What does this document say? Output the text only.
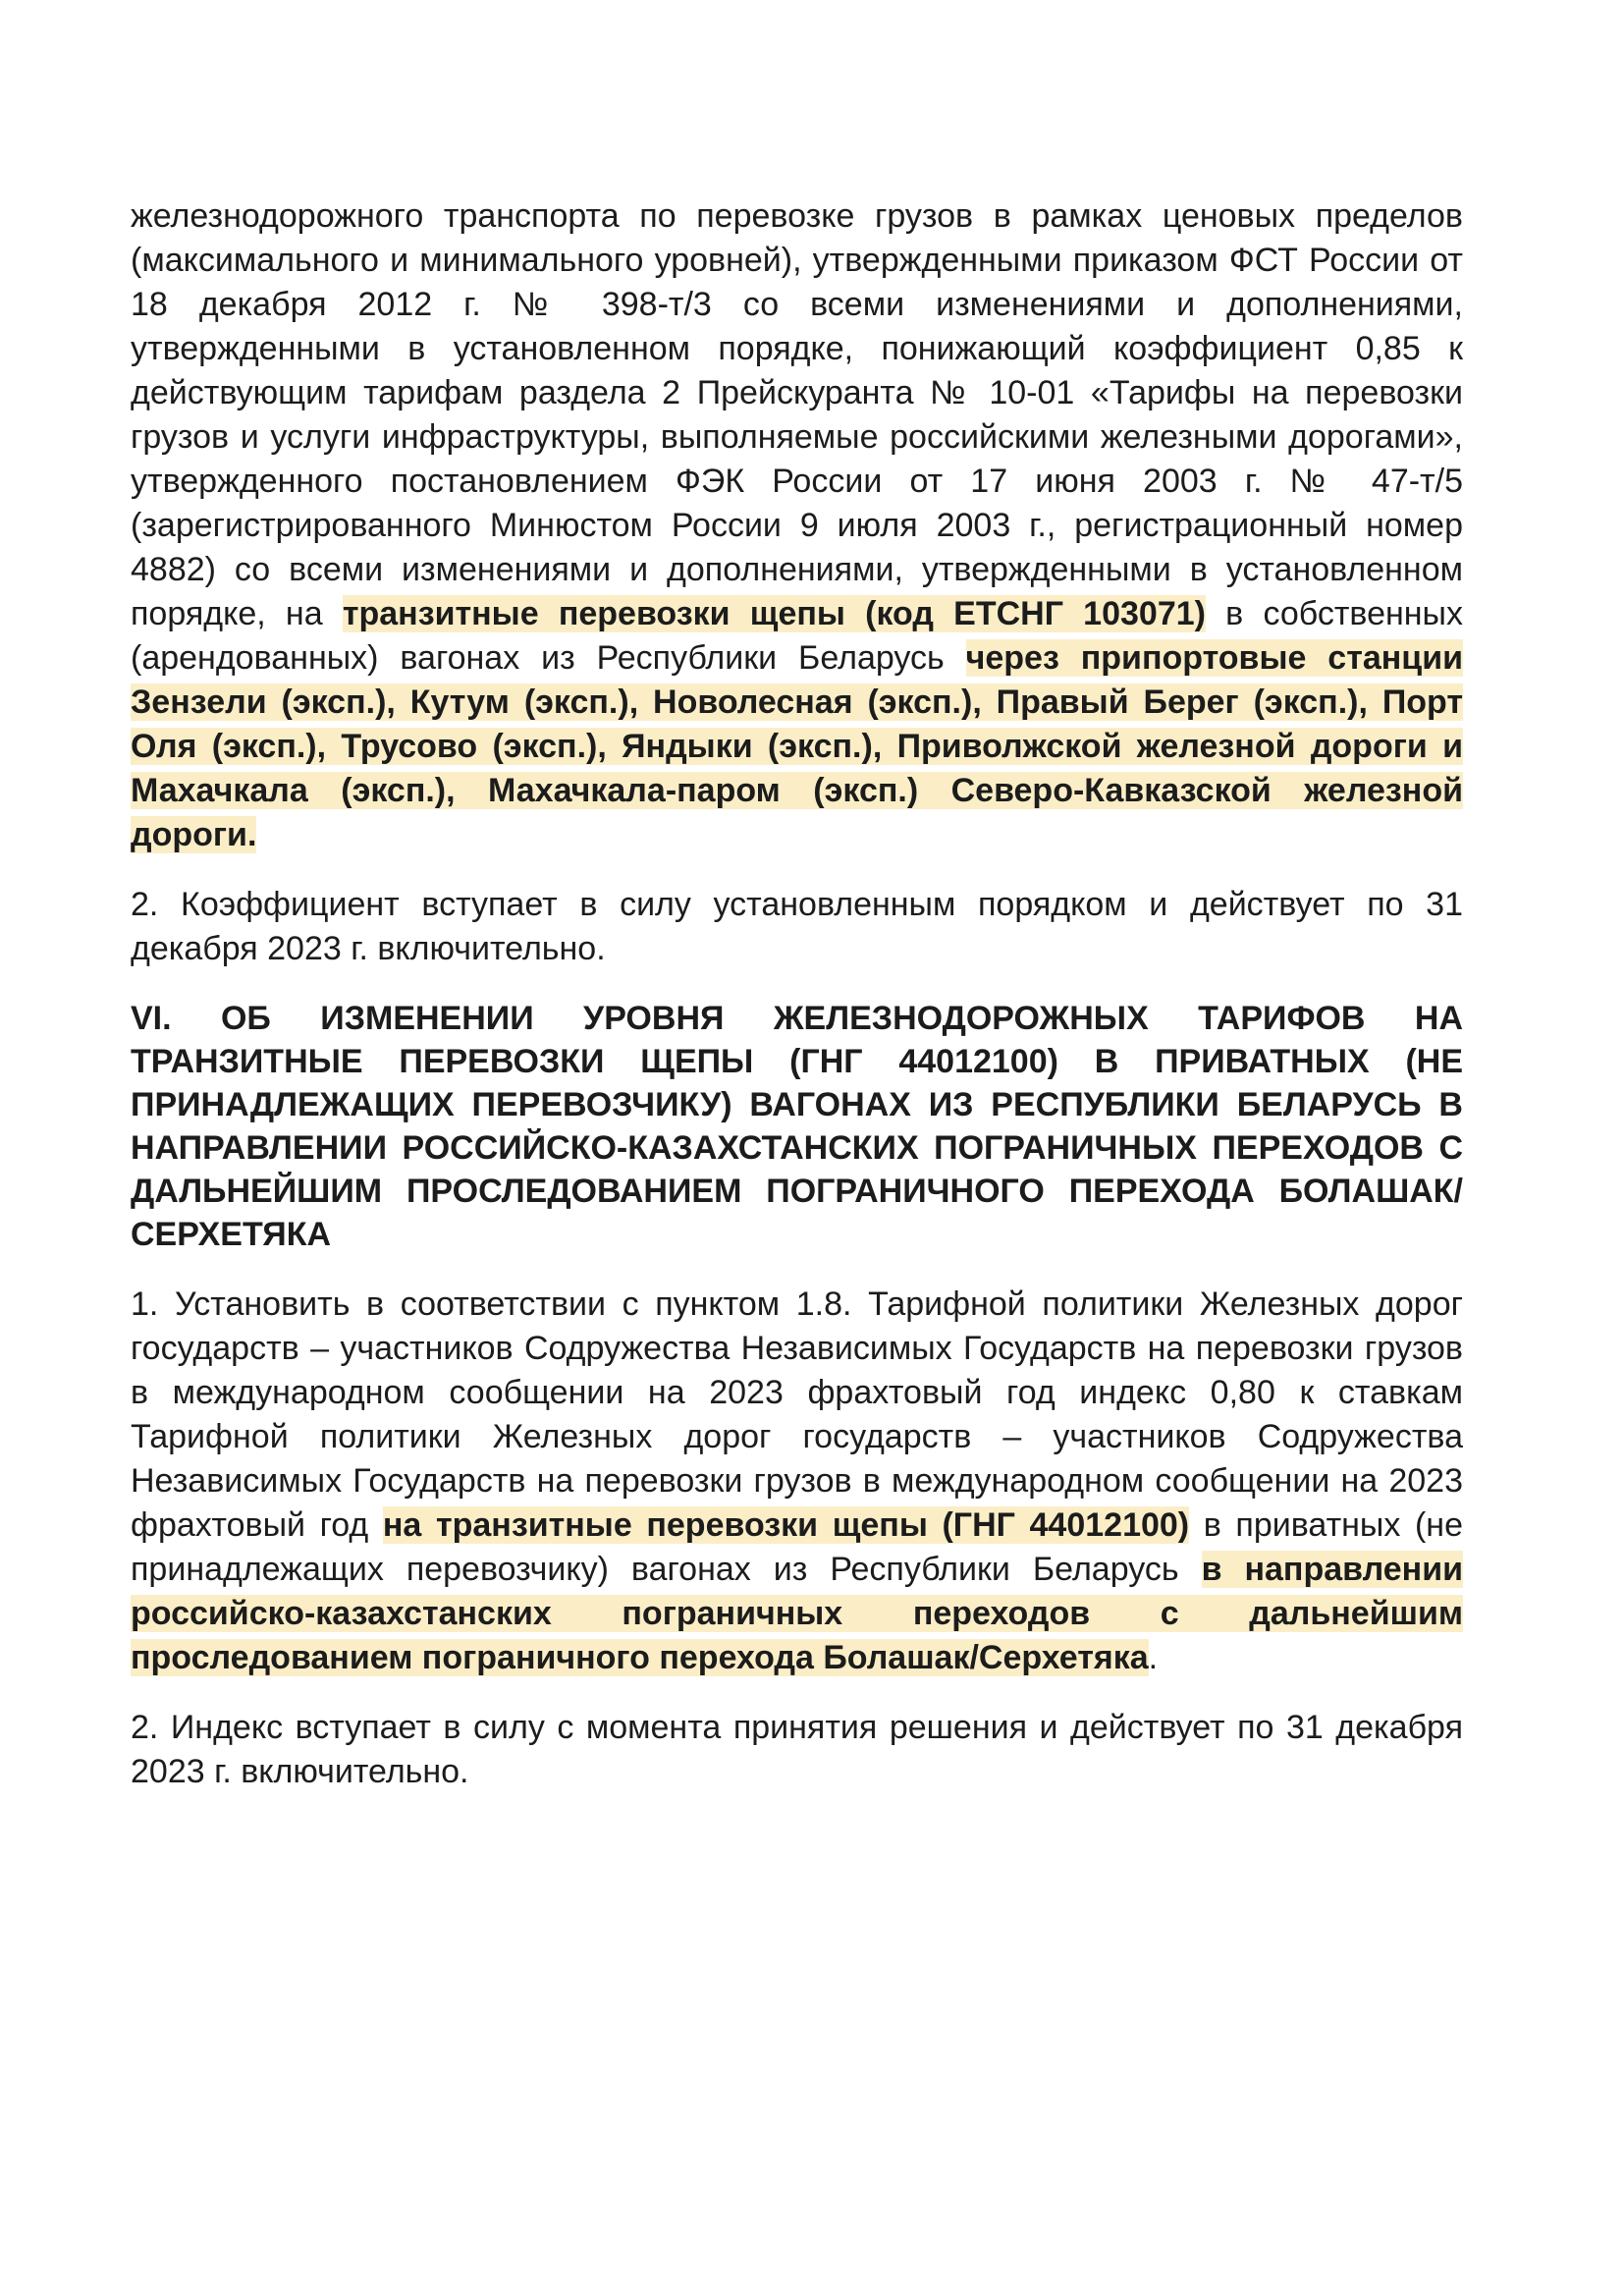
железнодорожного транспорта по перевозке грузов в рамках ценовых пределов (максимального и минимального уровней), утвержденными приказом ФСТ России от 18 декабря 2012 г. № 398-т/3 со всеми изменениями и дополнениями, утвержденными в установленном порядке, понижающий коэффициент 0,85 к действующим тарифам раздела 2 Прейскуранта № 10-01 «Тарифы на перевозки грузов и услуги инфраструктуры, выполняемые российскими железными дорогами», утвержденного постановлением ФЭК России от 17 июня 2003 г. № 47-т/5 (зарегистрированного Минюстом России 9 июля 2003 г., регистрационный номер 4882) со всеми изменениями и дополнениями, утвержденными в установленном порядке, на транзитные перевозки щепы (код ЕТСНГ 103071) в собственных (арендованных) вагонах из Республики Беларусь через припортовые станции Зензели (эксп.), Кутум (эксп.), Новолесная (эксп.), Правый Берег (эксп.), Порт Оля (эксп.), Трусово (эксп.), Яндыки (эксп.), Приволжской железной дороги и Махачкала (эксп.), Махачкала-паром (эксп.) Северо-Кавказской железной дороги.

2. Коэффициент вступает в силу установленным порядком и действует по 31 декабря 2023 г. включительно.

VI. ОБ ИЗМЕНЕНИИ УРОВНЯ ЖЕЛЕЗНОДОРОЖНЫХ ТАРИФОВ НА ТРАНЗИТНЫЕ ПЕРЕВОЗКИ ЩЕПЫ (ГНГ 44012100) В ПРИВАТНЫХ (НЕ ПРИНАДЛЕЖАЩИХ ПЕРЕВОЗЧИКУ) ВАГОНАХ ИЗ РЕСПУБЛИКИ БЕЛАРУСЬ В НАПРАВЛЕНИИ РОССИЙСКО-КАЗАХСТАНСКИХ ПОГРАНИЧНЫХ ПЕРЕХОДОВ С ДАЛЬНЕЙШИМ ПРОСЛЕДОВАНИЕМ ПОГРАНИЧНОГО ПЕРЕХОДА БОЛАШАК/СЕРХЕТЯКА

1. Установить в соответствии с пунктом 1.8. Тарифной политики Железных дорог государств – участников Содружества Независимых Государств на перевозки грузов в международном сообщении на 2023 фрахтовый год индекс 0,80 к ставкам Тарифной политики Железных дорог государств – участников Содружества Независимых Государств на перевозки грузов в международном сообщении на 2023 фрахтовый год на транзитные перевозки щепы (ГНГ 44012100) в приватных (не принадлежащих перевозчику) вагонах из Республики Беларусь в направлении российско-казахстанских пограничных переходов с дальнейшим проследованием пограничного перехода Болашак/Серхетяка.

2. Индекс вступает в силу с момента принятия решения и действует по 31 декабря 2023 г. включительно.
